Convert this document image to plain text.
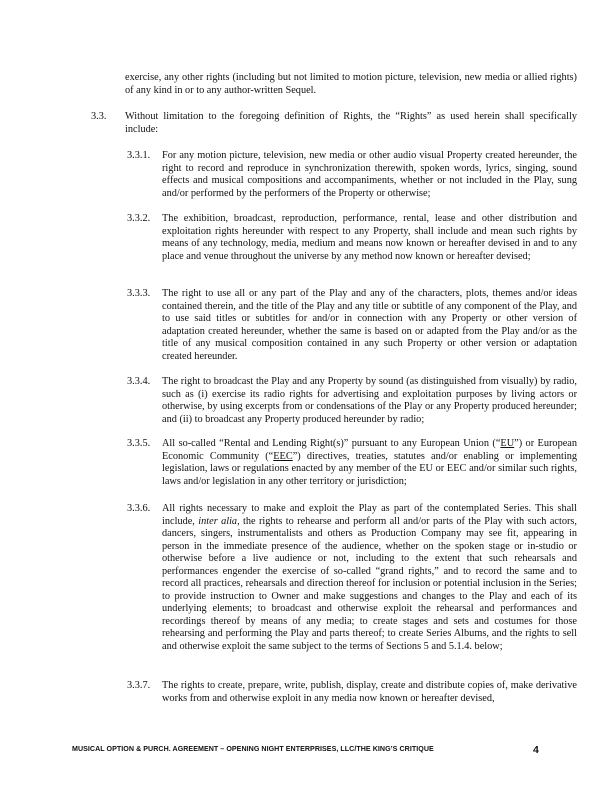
exercise, any other rights (including but not limited to motion picture, television, new media or allied rights) of any kind in or to any author-written Sequel.
3.3. Without limitation to the foregoing definition of Rights, the “Rights” as used herein shall specifically include:
3.3.1. For any motion picture, television, new media or other audio visual Property created hereunder, the right to record and reproduce in synchronization therewith, spoken words, lyrics, singing, sound effects and musical compositions and accompaniments, whether or not included in the Play, sung and/or performed by the performers of the Property or otherwise;
3.3.2. The exhibition, broadcast, reproduction, performance, rental, lease and other distribution and exploitation rights hereunder with respect to any Property, shall include and mean such rights by means of any technology, media, medium and means now known or hereafter devised in and to any place and venue throughout the universe by any method now known or hereafter devised;
3.3.3. The right to use all or any part of the Play and any of the characters, plots, themes and/or ideas contained therein, and the title of the Play and any title or subtitle of any component of the Play, and to use said titles or subtitles for and/or in connection with any Property or other version of adaptation created hereunder, whether the same is based on or adapted from the Play and/or as the title of any musical composition contained in any such Property or other version or adaptation created hereunder.
3.3.4. The right to broadcast the Play and any Property by sound (as distinguished from visually) by radio, such as (i) exercise its radio rights for advertising and exploitation purposes by living actors or otherwise, by using excerpts from or condensations of the Play or any Property produced hereunder; and (ii) to broadcast any Property produced hereunder by radio;
3.3.5. All so-called “Rental and Lending Right(s)” pursuant to any European Union (“EU”) or European Economic Community (“EEC”) directives, treaties, statutes and/or enabling or implementing legislation, laws or regulations enacted by any member of the EU or EEC and/or similar such rights, laws and/or legislation in any other territory or jurisdiction;
3.3.6. All rights necessary to make and exploit the Play as part of the contemplated Series. This shall include, inter alia, the rights to rehearse and perform all and/or parts of the Play with such actors, dancers, singers, instrumentalists and others as Production Company may see fit, appearing in person in the immediate presence of the audience, whether on the spoken stage or in-studio or otherwise before a live audience or not, including to the extent that such rehearsals and performances engender the exercise of so-called “grand rights,” and to record the same and to record all practices, rehearsals and direction thereof for inclusion or potential inclusion in the Series; to provide instruction to Owner and make suggestions and changes to the Play and each of its underlying elements; to broadcast and otherwise exploit the rehearsal and performances and recordings thereof by means of any media; to create stages and sets and costumes for those rehearsing and performing the Play and parts thereof; to create Series Albums, and the rights to sell and otherwise exploit the same subject to the terms of Sections 5 and 5.1.4. below;
3.3.7. The rights to create, prepare, write, publish, display, create and distribute copies of, make derivative works from and otherwise exploit in any media now known or hereafter devised,
MUSICAL OPTION & PURCH. AGREEMENT – OPENING NIGHT ENTERPRISES, LLC/THE KING’S CRITIQUE	4
